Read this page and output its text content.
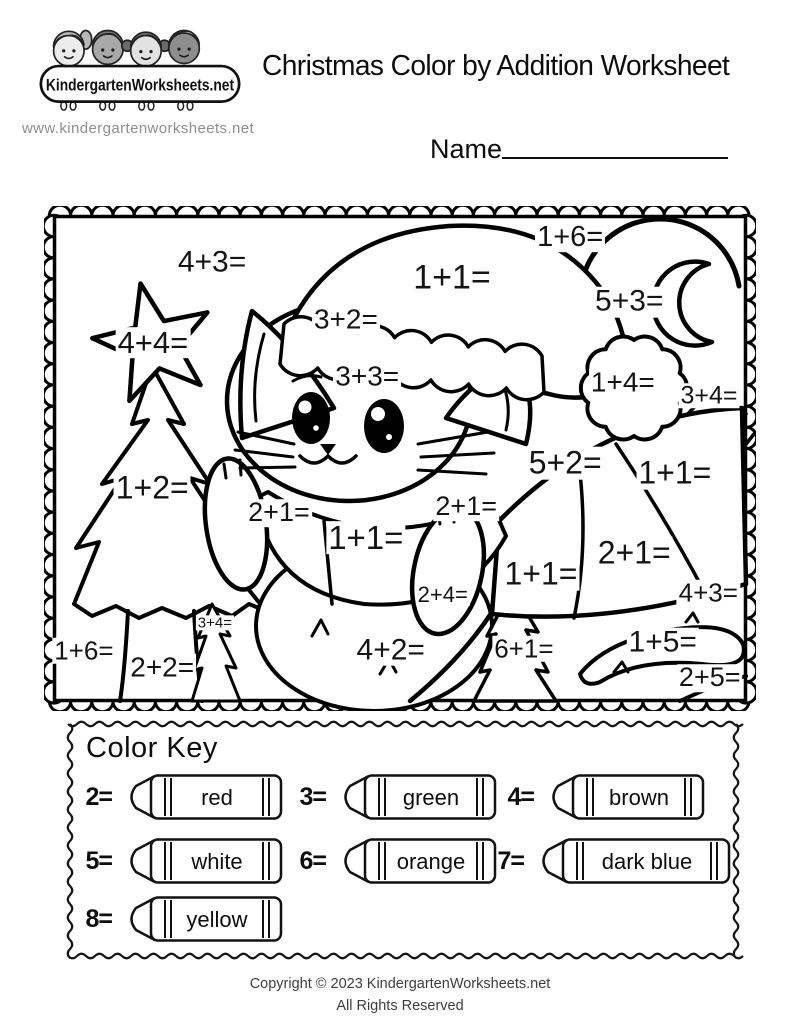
KindergartenWorksheets.net
www.kindergartenworksheets.net
Christmas Color by Addition Worksheet
Name
4+3=	1+1=
1+6=
5+3=
3+2=
4+4=
3+3=	1+4= 3+4=
1+2=
5+2= 1+1=
2+1=	2+1=
1+1=	2+1=
1+1=
2+4=	4+3=
3+4=
1+5=
6+1=
4+2=
1+6=
2+2=	2+5=
Color Key
2=	red	3=	green 4=	brown
5=	white 6=	orange 7=	dark blue
8=	yellow
Copyright © 2023 KindergartenWorksheets.net
All Rights Reserved
